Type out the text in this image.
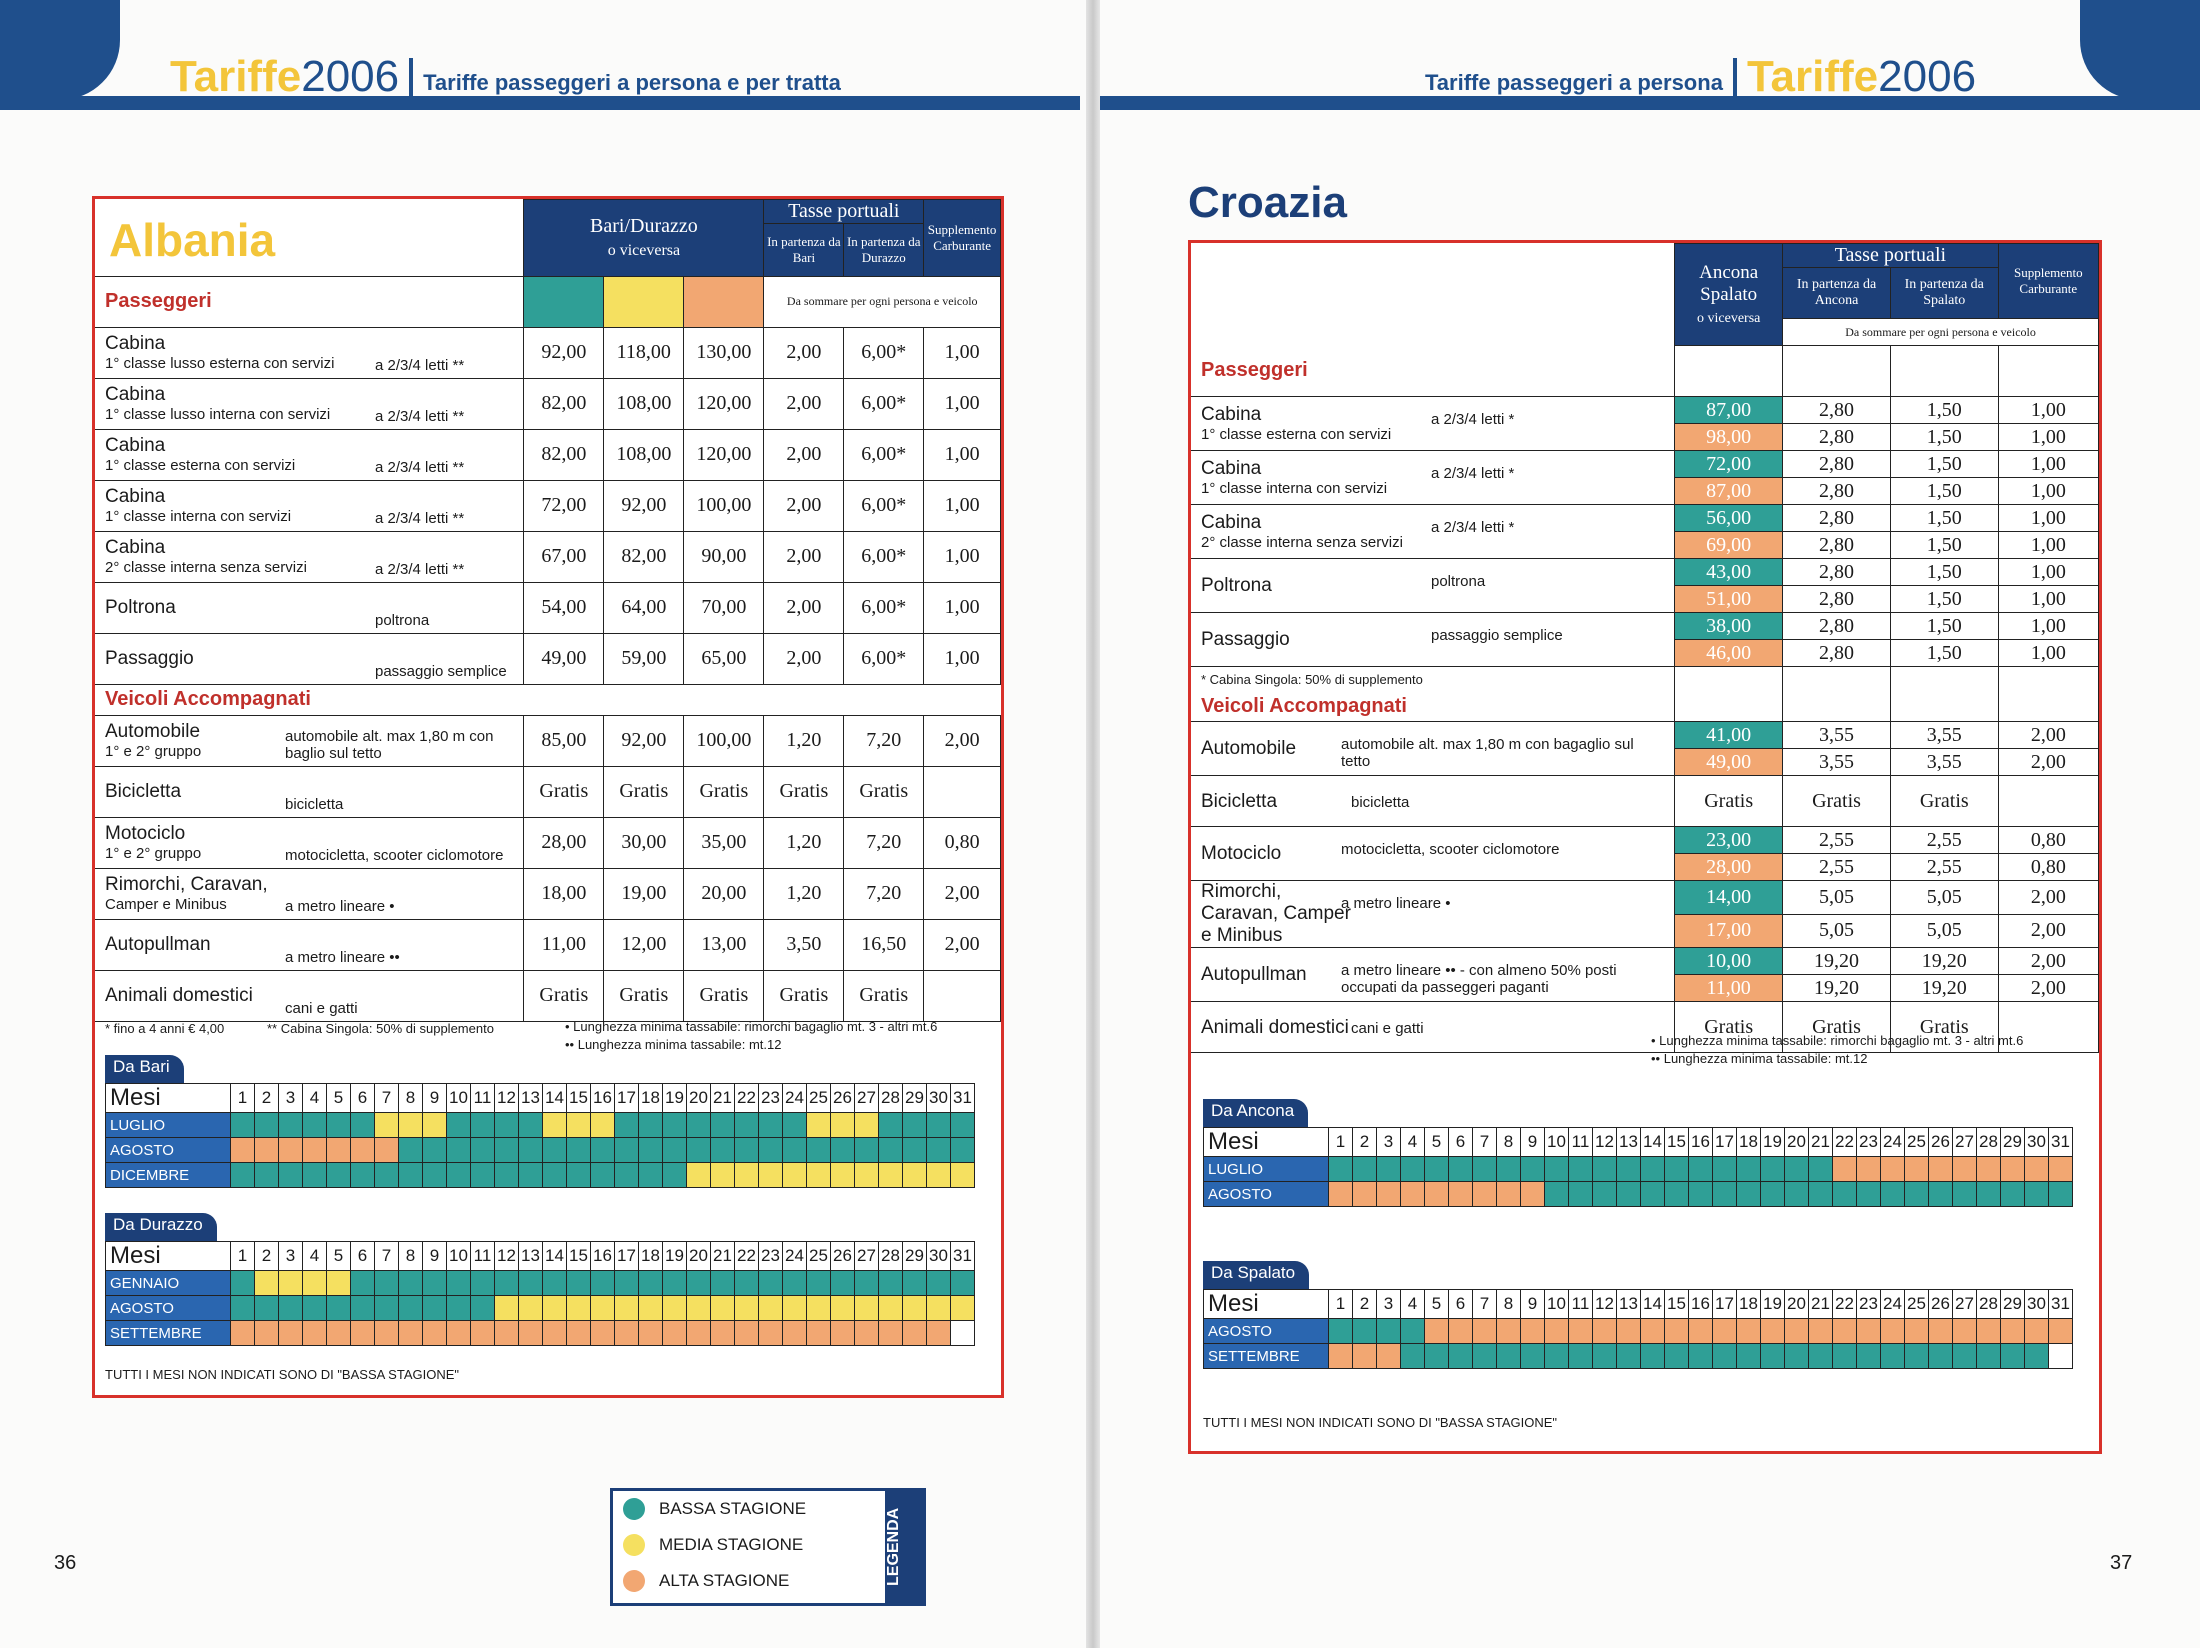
Tariffe2006 Tariffe passeggeri a persona e per tratta	Tariffe passeggeri a persona Tariffe2006
Albania
		Bari/Durazzo
o viceversa			Tasse portuali		Supplemento Carburante
				In partenza da Bari	In partenza da Durazzo	
Passeggeri				Da sommare per ogni persona e veicolo		

Cabina
1° classe lusso esterna con servizi a 2/3/4 letti **	92,00	118,00	130,00	2,00	6,00*	1,00

Cabina
1° classe lusso interna con servizi a 2/3/4 letti **	82,00	108,00	120,00	2,00	6,00*	1,00

Cabina
1° classe esterna con servizi a 2/3/4 letti **	82,00	108,00	120,00	2,00	6,00*	1,00

Cabina
1° classe interna con servizi a 2/3/4 letti **	72,00	92,00	100,00	2,00	6,00*	1,00

Cabina
2° classe interna senza servizi a 2/3/4 letti **	67,00	82,00	90,00	2,00	6,00*	1,00

Poltrona
poltrona	54,00	64,00	70,00	2,00	6,00*	1,00

Passaggio
passaggio semplice	49,00	59,00	65,00	2,00	6,00*	1,00
Veicoli Accompagnati						

Automobile
1° e 2° gruppo
automobile alt. max 1,80 m con baglio sul tetto	85,00	92,00	100,00	1,20	7,20	2,00

Bicicletta
bicicletta	Gratis	Gratis	Gratis	Gratis	Gratis	

Motociclo
1° e 2° gruppo motocicletta, scooter ciclomotore	28,00	30,00	35,00	1,20	7,20	0,80

Rimorchi, Caravan,
Camper e Minibus a metro lineare •	18,00	19,00	20,00	1,20	7,20	2,00

Autopullman
a metro lineare ••	11,00	12,00	13,00	3,50	16,50	2,00

Animali domestici
cani e gatti	Gratis	Gratis	Gratis	Gratis	Gratis	
* fino a 4 anni € 4,00	** Cabina Singola: 50% di supplemento	• Lunghezza minima tassabile: rimorchi bagaglio mt. 3 - altri mt.6
•• Lunghezza minima tassabile: mt.12
Da Bari
Mesi	1	2	3	4	5	6	7	8	9	10	11	12	13	14	15	16	17	18	19	20	21	22	23	24	25	26	27	28	29	30	31
LUGLIO																															
AGOSTO																															
DICEMBRE																															
Da Durazzo
Mesi	1	2	3	4	5	6	7	8	9	10	11	12	13	14	15	16	17	18	19	20	21	22	23	24	25	26	27	28	29	30	31
GENNAIO																															
AGOSTO																															
SETTEMBRE																															
TUTTI I MESI NON INDICATI SONO DI "BASSA STAGIONE"
BASSA STAGIONE
MEDIA STAGIONE
ALTA STAGIONE	LEGENDA
36	37
Croazia
	Ancona Spalato
o viceversa	Tasse portuali		Supplemento Carburante
		In partenza da Ancona	In partenza da Spalato	
		Da sommare per ogni persona e veicolo		
Passeggeri				

Cabina
1° classe esterna con servizi
a 2/3/4 letti *	87,00	2,80	1,50	1,00
	98,00	2,80	1,50	1,00

Cabina
1° classe interna con servizi
a 2/3/4 letti *	72,00	2,80	1,50	1,00
	87,00	2,80	1,50	1,00

Cabina
2° classe interna senza servizi
a 2/3/4 letti *	56,00	2,80	1,50	1,00
	69,00	2,80	1,50	1,00

Poltrona poltrona	43,00	2,80	1,50	1,00
	51,00	2,80	1,50	1,00

Passaggio passaggio semplice	38,00	2,80	1,50	1,00
	46,00	2,80	1,50	1,00
* Cabina Singola: 50% di supplemento				
Veicoli Accompagnati				

Automobile automobile alt. max 1,80 m con bagaglio sul tetto	41,00	3,55	3,55	2,00
	49,00	3,55	3,55	2,00
Bicicletta bicicletta	Gratis	Gratis	Gratis	

Motociclo motocicletta, scooter ciclomotore	23,00	2,55	2,55	0,80
	28,00	2,55	2,55	0,80

Rimorchi, Caravan, Camper e Minibus
a metro lineare •	14,00	5,05	5,05	2,00
	17,00	5,05	5,05	2,00

Autopullman a metro lineare •• - con almeno 50% posti occupati da passeggeri paganti	10,00	19,20	19,20	2,00
	11,00	19,20	19,20	2,00
Animali domestici cani e gatti	Gratis	Gratis	Gratis	
• Lunghezza minima tassabile: rimorchi bagaglio mt. 3 - altri mt.6
•• Lunghezza minima tassabile: mt.12
Da Ancona
Mesi	1	2	3	4	5	6	7	8	9	10	11	12	13	14	15	16	17	18	19	20	21	22	23	24	25	26	27	28	29	30	31
LUGLIO																															
AGOSTO																															
Da Spalato
Mesi	1	2	3	4	5	6	7	8	9	10	11	12	13	14	15	16	17	18	19	20	21	22	23	24	25	26	27	28	29	30	31
AGOSTO																															
SETTEMBRE																															
TUTTI I MESI NON INDICATI SONO DI "BASSA STAGIONE"
